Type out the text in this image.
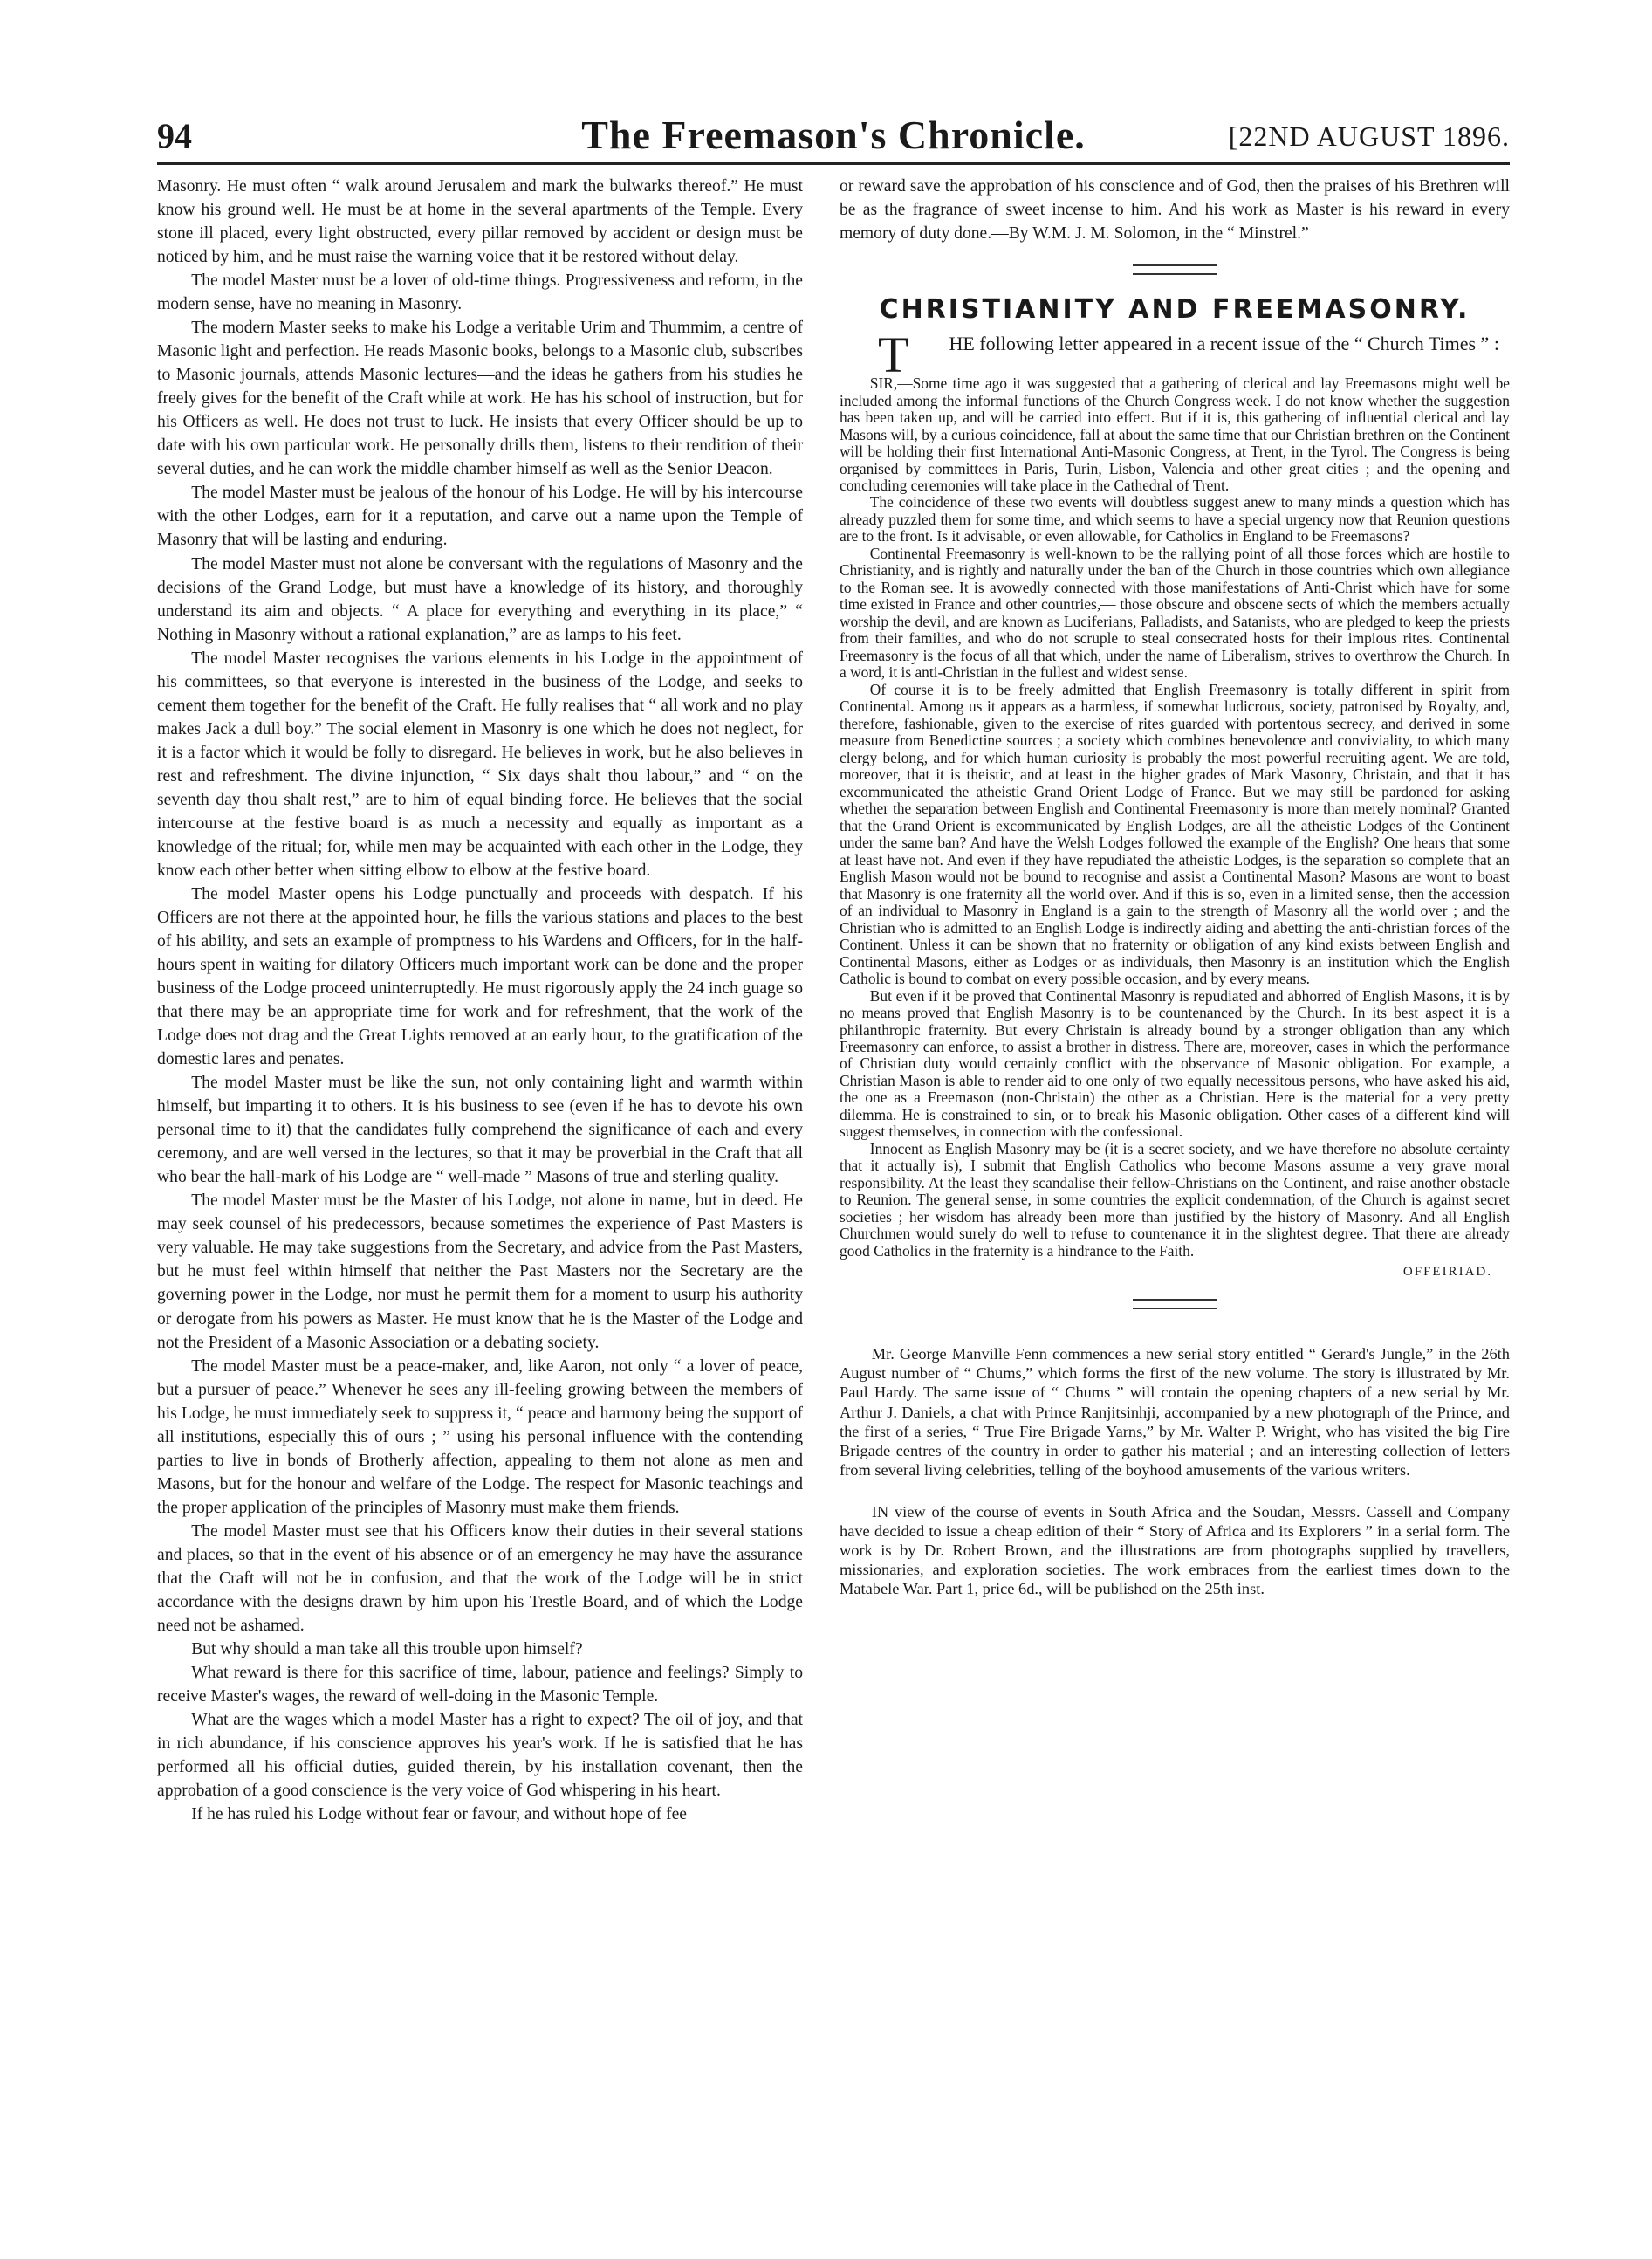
94	The Freemason's Chronicle.	[22ND AUGUST 1896.

Masonry. He must often “ walk around Jerusalem and mark the bulwarks thereof.” He must know his ground well. He must be at home in the several apartments of the Temple. Every stone ill placed, every light obstructed, every pillar removed by accident or design must be noticed by him, and he must raise the warning voice that it be restored without delay.

The model Master must be a lover of old-time things. Progressiveness and reform, in the modern sense, have no meaning in Masonry.

The modern Master seeks to make his Lodge a veritable Urim and Thummim, a centre of Masonic light and perfection. He reads Masonic books, belongs to a Masonic club, subscribes to Masonic journals, attends Masonic lectures—and the ideas he gathers from his studies he freely gives for the benefit of the Craft while at work. He has his school of instruction, but for his Officers as well. He does not trust to luck. He insists that every Officer should be up to date with his own particular work. He personally drills them, listens to their rendition of their several duties, and he can work the middle chamber himself as well as the Senior Deacon.

The model Master must be jealous of the honour of his Lodge. He will by his intercourse with the other Lodges, earn for it a reputation, and carve out a name upon the Temple of Masonry that will be lasting and enduring.

The model Master must not alone be conversant with the regulations of Masonry and the decisions of the Grand Lodge, but must have a knowledge of its history, and thoroughly understand its aim and objects. “ A place for everything and everything in its place,” “ Nothing in Masonry without a rational explanation,” are as lamps to his feet.

The model Master recognises the various elements in his Lodge in the appointment of his committees, so that everyone is interested in the business of the Lodge, and seeks to cement them together for the benefit of the Craft. He fully realises that “ all work and no play makes Jack a dull boy.” The social element in Masonry is one which he does not neglect, for it is a factor which it would be folly to disregard. He believes in work, but he also believes in rest and refreshment. The divine injunction, “ Six days shalt thou labour,” and “ on the seventh day thou shalt rest,” are to him of equal binding force. He believes that the social intercourse at the festive board is as much a necessity and equally as important as a knowledge of the ritual; for, while men may be acquainted with each other in the Lodge, they know each other better when sitting elbow to elbow at the festive board.

The model Master opens his Lodge punctually and proceeds with despatch. If his Officers are not there at the appointed hour, he fills the various stations and places to the best of his ability, and sets an example of promptness to his Wardens and Officers, for in the half-hours spent in waiting for dilatory Officers much important work can be done and the proper business of the Lodge proceed uninterruptedly. He must rigorously apply the 24 inch guage so that there may be an appropriate time for work and for refreshment, that the work of the Lodge does not drag and the Great Lights removed at an early hour, to the gratification of the domestic lares and penates.

The model Master must be like the sun, not only containing light and warmth within himself, but imparting it to others. It is his business to see (even if he has to devote his own personal time to it) that the candidates fully comprehend the significance of each and every ceremony, and are well versed in the lectures, so that it may be proverbial in the Craft that all who bear the hall-mark of his Lodge are “ well-made ” Masons of true and sterling quality.

The model Master must be the Master of his Lodge, not alone in name, but in deed. He may seek counsel of his predecessors, because sometimes the experience of Past Masters is very valuable. He may take suggestions from the Secretary, and advice from the Past Masters, but he must feel within himself that neither the Past Masters nor the Secretary are the governing power in the Lodge, nor must he permit them for a moment to usurp his authority or derogate from his powers as Master. He must know that he is the Master of the Lodge and not the President of a Masonic Association or a debating society.

The model Master must be a peace-maker, and, like Aaron, not only “ a lover of peace, but a pursuer of peace.” Whenever he sees any ill-feeling growing between the members of his Lodge, he must immediately seek to suppress it, “ peace and harmony being the support of all institutions, especially this of ours ; ” using his personal influence with the contending parties to live in bonds of Brotherly affection, appealing to them not alone as men and Masons, but for the honour and welfare of the Lodge. The respect for Masonic teachings and the proper application of the principles of Masonry must make them friends.

The model Master must see that his Officers know their duties in their several stations and places, so that in the event of his absence or of an emergency he may have the assurance that the Craft will not be in confusion, and that the work of the Lodge will be in strict accordance with the designs drawn by him upon his Trestle Board, and of which the Lodge need not be ashamed.

But why should a man take all this trouble upon himself?

What reward is there for this sacrifice of time, labour, patience and feelings? Simply to receive Master's wages, the reward of well-doing in the Masonic Temple.

What are the wages which a model Master has a right to expect? The oil of joy, and that in rich abundance, if his conscience approves his year's work. If he is satisfied that he has performed all his official duties, guided therein, by his installation covenant, then the approbation of a good conscience is the very voice of God whispering in his heart.

If he has ruled his Lodge without fear or favour, and without hope of fee

or reward save the approbation of his conscience and of God, then the praises of his Brethren will be as the fragrance of sweet incense to him. And his work as Master is his reward in every memory of duty done.—By W.M. J. M. Solomon, in the “ Minstrel.”

CHRISTIANITY AND FREEMASONRY.

T HE following letter appeared in a recent issue of the “ Church Times ” :

SIR,—Some time ago it was suggested that a gathering of clerical and lay Freemasons might well be included among the informal functions of the Church Congress week. I do not know whether the suggestion has been taken up, and will be carried into effect. But if it is, this gathering of influential clerical and lay Masons will, by a curious coincidence, fall at about the same time that our Christian brethren on the Continent will be holding their first International Anti-Masonic Congress, at Trent, in the Tyrol. The Congress is being organised by committees in Paris, Turin, Lisbon, Valencia and other great cities ; and the opening and concluding ceremonies will take place in the Cathedral of Trent.

The coincidence of these two events will doubtless suggest anew to many minds a question which has already puzzled them for some time, and which seems to have a special urgency now that Reunion questions are to the front. Is it advisable, or even allowable, for Catholics in England to be Freemasons?

Continental Freemasonry is well-known to be the rallying point of all those forces which are hostile to Christianity, and is rightly and naturally under the ban of the Church in those countries which own allegiance to the Roman see. It is avowedly connected with those manifestations of Anti-Christ which have for some time existed in France and other countries,— those obscure and obscene sects of which the members actually worship the devil, and are known as Luciferians, Palladists, and Satanists, who are pledged to keep the priests from their families, and who do not scruple to steal consecrated hosts for their impious rites. Continental Freemasonry is the focus of all that which, under the name of Liberalism, strives to overthrow the Church. In a word, it is anti-Christian in the fullest and widest sense.

Of course it is to be freely admitted that English Freemasonry is totally different in spirit from Continental. Among us it appears as a harmless, if somewhat ludicrous, society, patronised by Royalty, and, therefore, fashionable, given to the exercise of rites guarded with portentous secrecy, and derived in some measure from Benedictine sources ; a society which combines benevolence and conviviality, to which many clergy belong, and for which human curiosity is probably the most powerful recruiting agent. We are told, moreover, that it is theistic, and at least in the higher grades of Mark Masonry, Christain, and that it has excommunicated the atheistic Grand Orient Lodge of France. But we may still be pardoned for asking whether the separation between English and Continental Freemasonry is more than merely nominal? Granted that the Grand Orient is excommunicated by English Lodges, are all the atheistic Lodges of the Continent under the same ban? And have the Welsh Lodges followed the example of the English? One hears that some at least have not. And even if they have repudiated the atheistic Lodges, is the separation so complete that an English Mason would not be bound to recognise and assist a Continental Mason? Masons are wont to boast that Masonry is one fraternity all the world over. And if this is so, even in a limited sense, then the accession of an individual to Masonry in England is a gain to the strength of Masonry all the world over ; and the Christian who is admitted to an English Lodge is indirectly aiding and abetting the anti-christian forces of the Continent. Unless it can be shown that no fraternity or obligation of any kind exists between English and Continental Masons, either as Lodges or as individuals, then Masonry is an institution which the English Catholic is bound to combat on every possible occasion, and by every means.

But even if it be proved that Continental Masonry is repudiated and abhorred of English Masons, it is by no means proved that English Masonry is to be countenanced by the Church. In its best aspect it is a philanthropic fraternity. But every Christain is already bound by a stronger obligation than any which Freemasonry can enforce, to assist a brother in distress. There are, moreover, cases in which the performance of Christian duty would certainly conflict with the observance of Masonic obligation. For example, a Christian Mason is able to render aid to one only of two equally necessitous persons, who have asked his aid, the one as a Freemason (non-Christain) the other as a Christian. Here is the material for a very pretty dilemma. He is constrained to sin, or to break his Masonic obligation. Other cases of a different kind will suggest themselves, in connection with the confessional.

Innocent as English Masonry may be (it is a secret society, and we have therefore no absolute certainty that it actually is), I submit that English Catholics who become Masons assume a very grave moral responsibility. At the least they scandalise their fellow-Christians on the Continent, and raise another obstacle to Reunion. The general sense, in some countries the explicit condemnation, of the Church is against secret societies ; her wisdom has already been more than justified by the history of Masonry. And all English Churchmen would surely do well to refuse to countenance it in the slightest degree. That there are already good Catholics in the fraternity is a hindrance to the Faith.

OFFEIRIAD.

Mr. George Manville Fenn commences a new serial story entitled “ Gerard's Jungle,” in the 26th August number of “ Chums,” which forms the first of the new volume. The story is illustrated by Mr. Paul Hardy. The same issue of “ Chums ” will contain the opening chapters of a new serial by Mr. Arthur J. Daniels, a chat with Prince Ranjitsinhji, accompanied by a new photograph of the Prince, and the first of a series, “ True Fire Brigade Yarns,” by Mr. Walter P. Wright, who has visited the big Fire Brigade centres of the country in order to gather his material ; and an interesting collection of letters from several living celebrities, telling of the boyhood amusements of the various writers.

IN view of the course of events in South Africa and the Soudan, Messrs. Cassell and Company have decided to issue a cheap edition of their “ Story of Africa and its Explorers ” in a serial form. The work is by Dr. Robert Brown, and the illustrations are from photographs supplied by travellers, missionaries, and exploration societies. The work embraces from the earliest times down to the Matabele War. Part 1, price 6d., will be published on the 25th inst.
